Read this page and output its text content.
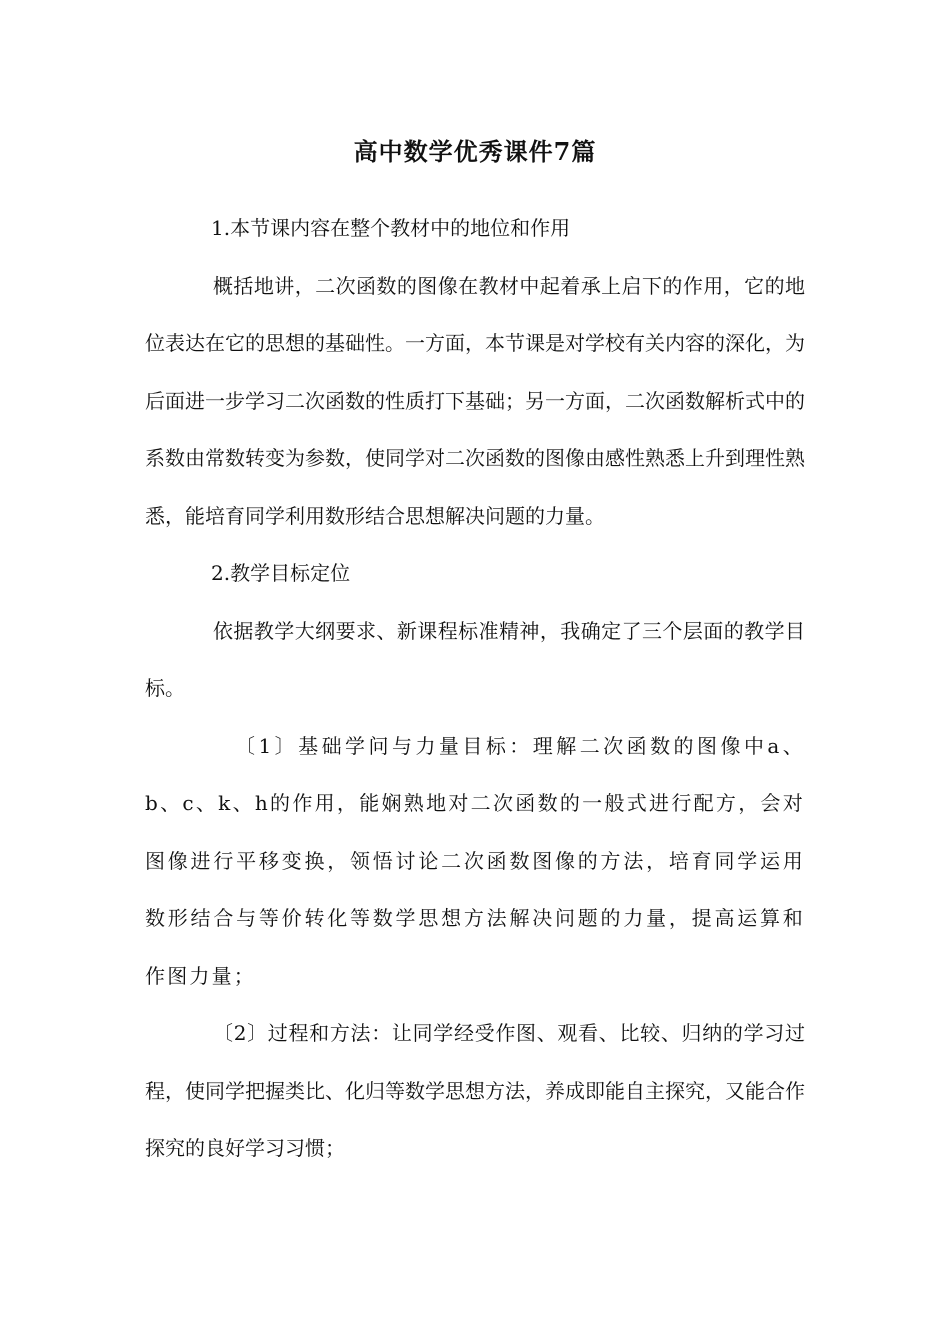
高中数学优秀课件7篇

1.本节课内容在整个教材中的地位和作用

概括地讲，二次函数的图像在教材中起着承上启下的作用，它的地位表达在它的思想的基础性。一方面，本节课是对学校有关内容的深化，为后面进一步学习二次函数的性质打下基础；另一方面，二次函数解析式中的系数由常数转变为参数，使同学对二次函数的图像由感性熟悉上升到理性熟悉，能培育同学利用数形结合思想解决问题的力量。

2.教学目标定位

依据教学大纲要求、新课程标准精神，我确定了三个层面的教学目标。

〔1〕基础学问与力量目标：理解二次函数的图像中a、b、c、k、h的作用，能娴熟地对二次函数的一般式进行配方，会对图像进行平移变换，领悟讨论二次函数图像的方法，培育同学运用数形结合与等价转化等数学思想方法解决问题的力量，提高运算和作图力量；

〔2〕过程和方法：让同学经受作图、观看、比较、归纳的学习过程，使同学把握类比、化归等数学思想方法，养成即能自主探究，又能合作探究的良好学习习惯；
